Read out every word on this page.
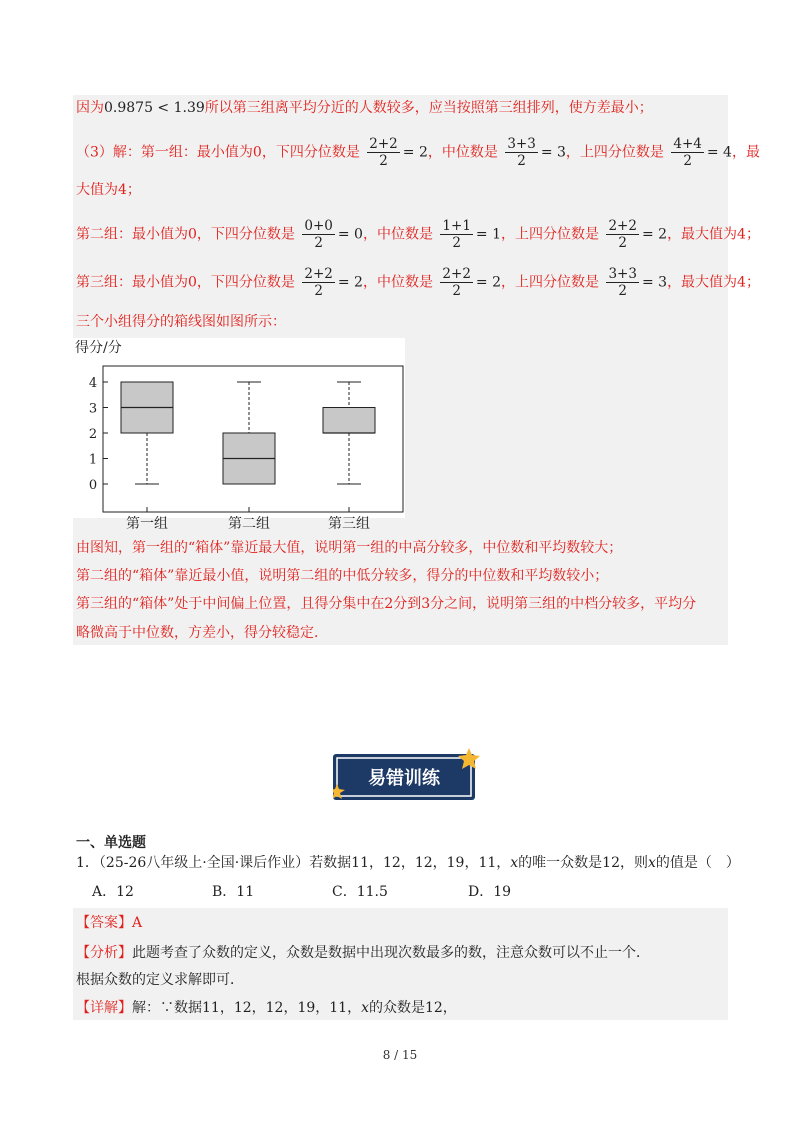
因为0.9875 < 1.39所以第三组离平均分近的人数较多，应当按照第三组排列，使方差最小；
（3）解：第一组：最小值为0，下四分位数是 $\frac{2+2}{2} = 2$，中位数是 $\frac{3+3}{2} = 3$，上四分位数是 $\frac{4+4}{2} = 4$，最
大值为4；
第二组：最小值为0，下四分位数是 $\frac{0+0}{2} = 0$，中位数是 $\frac{1+1}{2} = 1$，上四分位数是 $\frac{2+2}{2} = 2$，最大值为4；
第三组：最小值为0，下四分位数是 $\frac{2+2}{2} = 2$，中位数是 $\frac{2+2}{2} = 2$，上四分位数是 $\frac{3+3}{2} = 3$，最大值为4；
三个小组得分的箱线图如图所示：
得分/分
0
1
2
3
4
第一组	第二组	第三组
由图知，第一组的“箱体”靠近最大值，说明第一组的中高分较多，中位数和平均数较大；
第二组的“箱体”靠近最小值，说明第二组的中低分较多，得分的中位数和平均数较小；
第三组的“箱体”处于中间偏上位置，且得分集中在2分到3分之间，说明第三组的中档分较多，平均分
略微高于中位数，方差小，得分较稳定．
易错训练
一、单选题
1．（25-26八年级上·全国·课后作业）若数据11，12，12，19，11，x的唯一众数是12，则x的值是（　）
A．12	B．11	C．11.5	D．19
【答案】A
【分析】此题考查了众数的定义，众数是数据中出现次数最多的数，注意众数可以不止一个．
根据众数的定义求解即可．
【详解】解：∵数据11，12，12，19，11，x的众数是12，
8 / 15
